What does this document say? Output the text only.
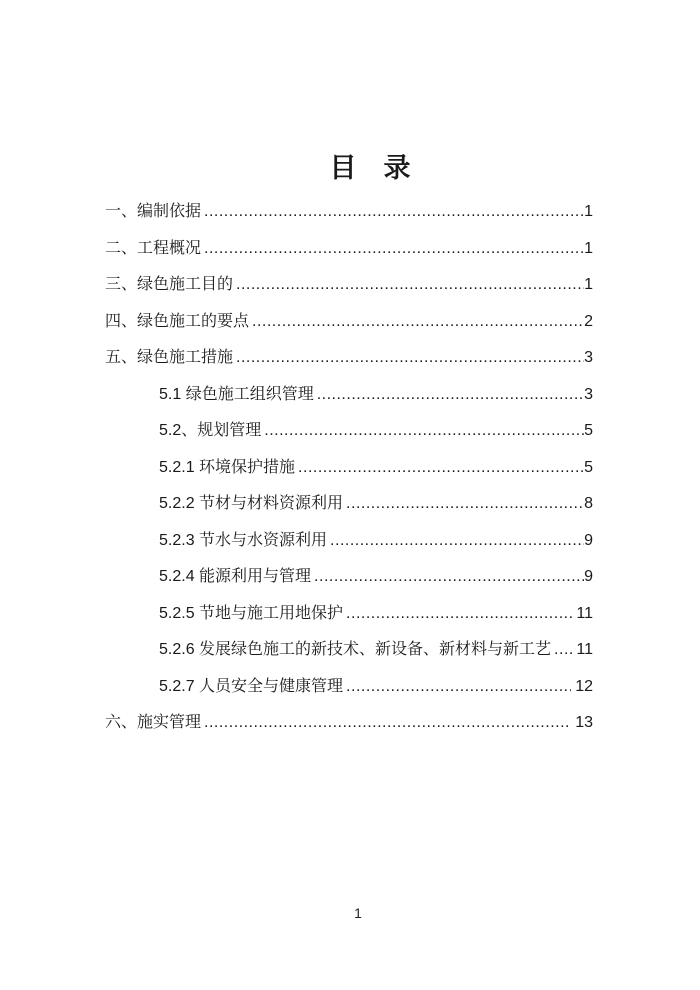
目　录
一、编制依据 .....	1
二、工程概况 .....	1
三、绿色施工目的 .....	1
四、绿色施工的要点 .....	2
五、绿色施工措施 .....	3
5.1 绿色施工组织管理 .....	3
5.2、规划管理 .....	5
5.2.1 环境保护措施 .....	5
5.2.2 节材与材料资源利用 .....	8
5.2.3 节水与水资源利用 .....	9
5.2.4 能源利用与管理 .....	9
5.2.5 节地与施工用地保护 .....	11
5.2.6 发展绿色施工的新技术、新设备、新材料与新工艺 ..... 11
5.2.7 人员安全与健康管理 .....	12
六、施实管理 .....	13
1
